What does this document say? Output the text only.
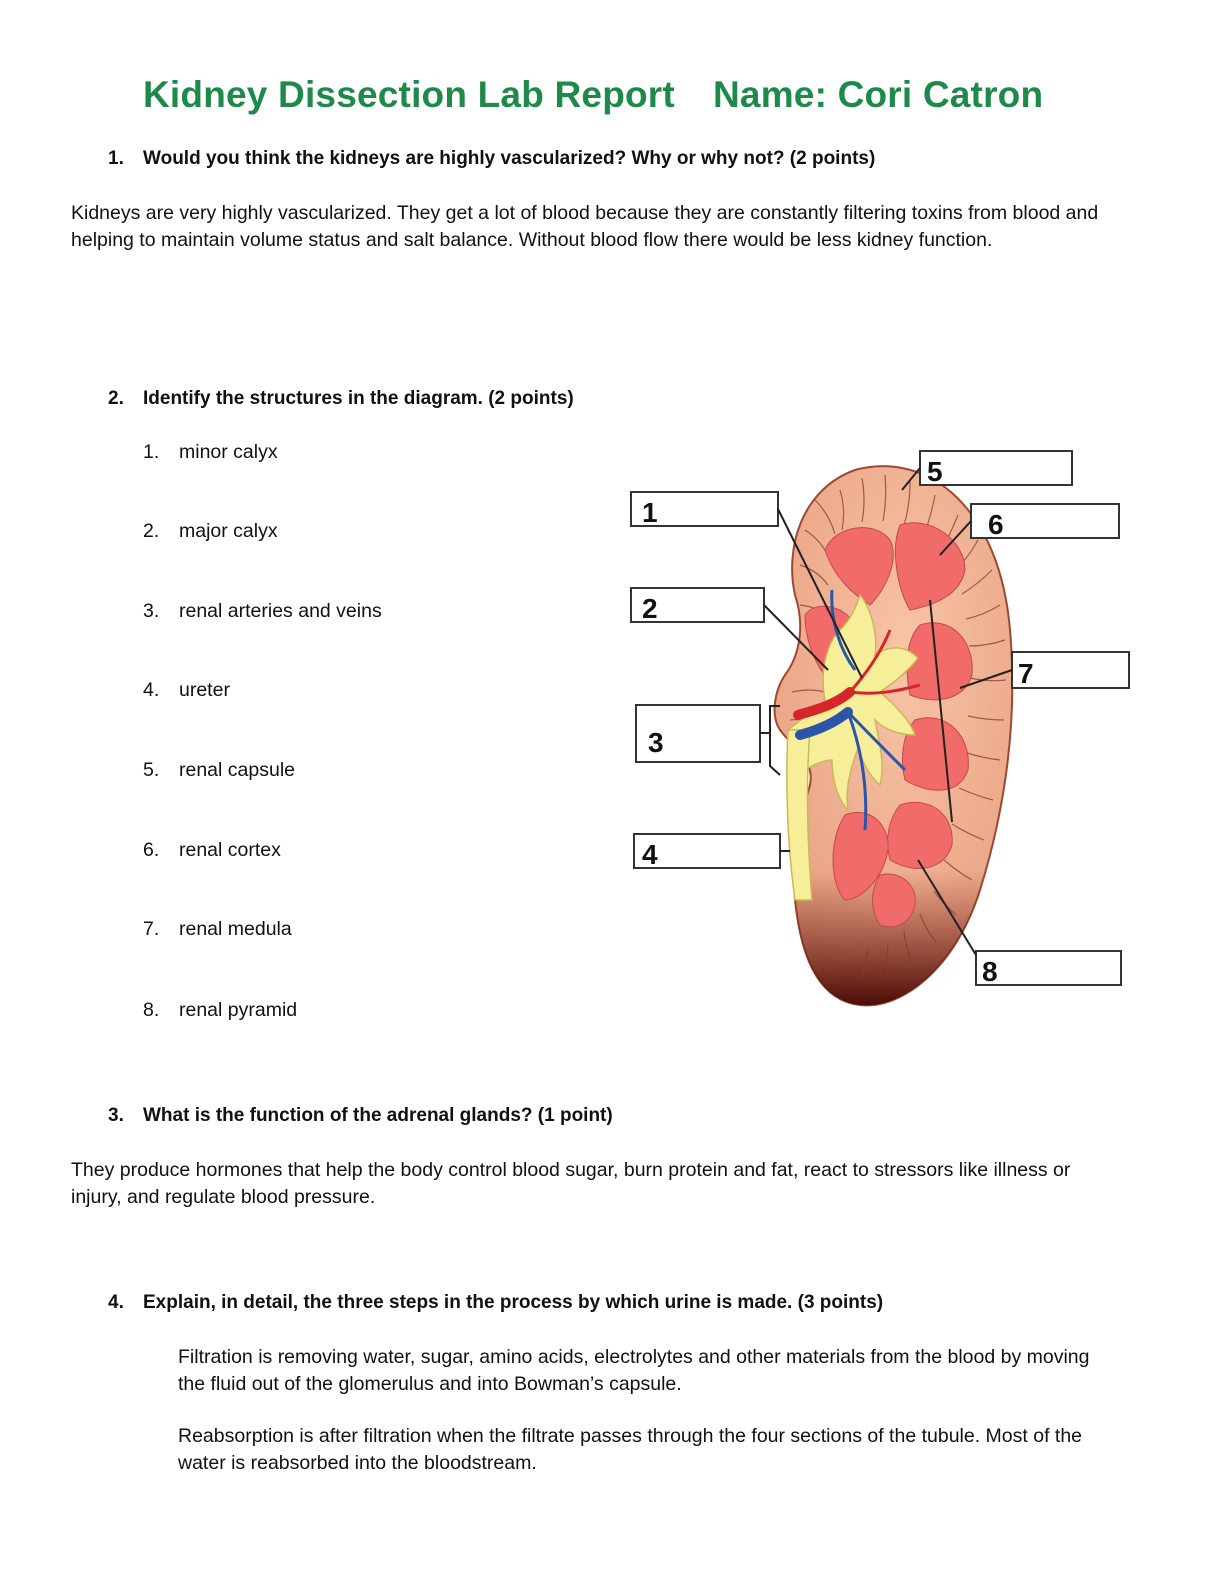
Kidney Dissection Lab Report Name: Cori Catron
1. Would you think the kidneys are highly vascularized? Why or why not? (2 points)
Kidneys are very highly vascularized. They get a lot of blood because they are constantly filtering toxins from blood and
helping to maintain volume status and salt balance. Without blood flow there would be less kidney function.
2. Identify the structures in the diagram. (2 points)
1. minor calyx
2. major calyx
3. renal arteries and veins
4. ureter
5. renal capsule
6. renal cortex
7. renal medula
8. renal pyramid
1
2
3
4
5
6
7
8
3. What is the function of the adrenal glands? (1 point)
They produce hormones that help the body control blood sugar, burn protein and fat, react to stressors like illness or
injury, and regulate blood pressure.
4. Explain, in detail, the three steps in the process by which urine is made. (3 points)
Filtration is removing water, sugar, amino acids, electrolytes and other materials from the blood by moving
the fluid out of the glomerulus and into Bowman’s capsule.
Reabsorption is after filtration when the filtrate passes through the four sections of the tubule. Most of the
water is reabsorbed into the bloodstream.
